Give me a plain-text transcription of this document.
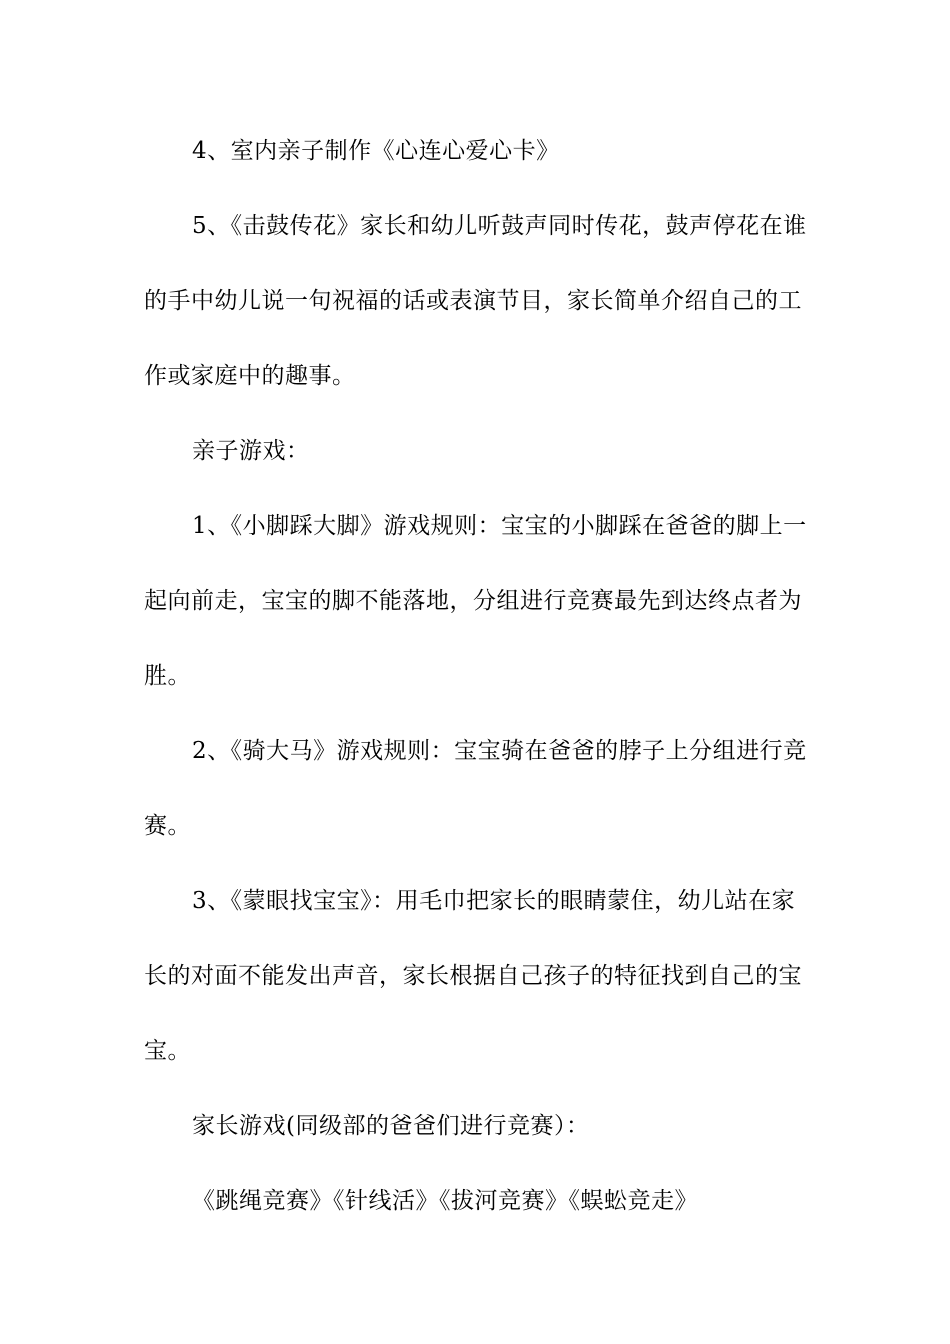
4、室内亲子制作《心连心爱心卡》

5、《击鼓传花》家长和幼儿听鼓声同时传花，鼓声停花在谁的手中幼儿说一句祝福的话或表演节目，家长简单介绍自己的工作或家庭中的趣事。

亲子游戏：

1、《小脚踩大脚》游戏规则：宝宝的小脚踩在爸爸的脚上一起向前走，宝宝的脚不能落地，分组进行竞赛最先到达终点者为胜。

2、《骑大马》游戏规则：宝宝骑在爸爸的脖子上分组进行竞赛。

3、《蒙眼找宝宝》：用毛巾把家长的眼睛蒙住，幼儿站在家长的对面不能发出声音，家长根据自己孩子的特征找到自己的宝宝。

家长游戏(同级部的爸爸们进行竞赛）：

《跳绳竞赛》《针线活》《拔河竞赛》《蜈蚣竞走》
